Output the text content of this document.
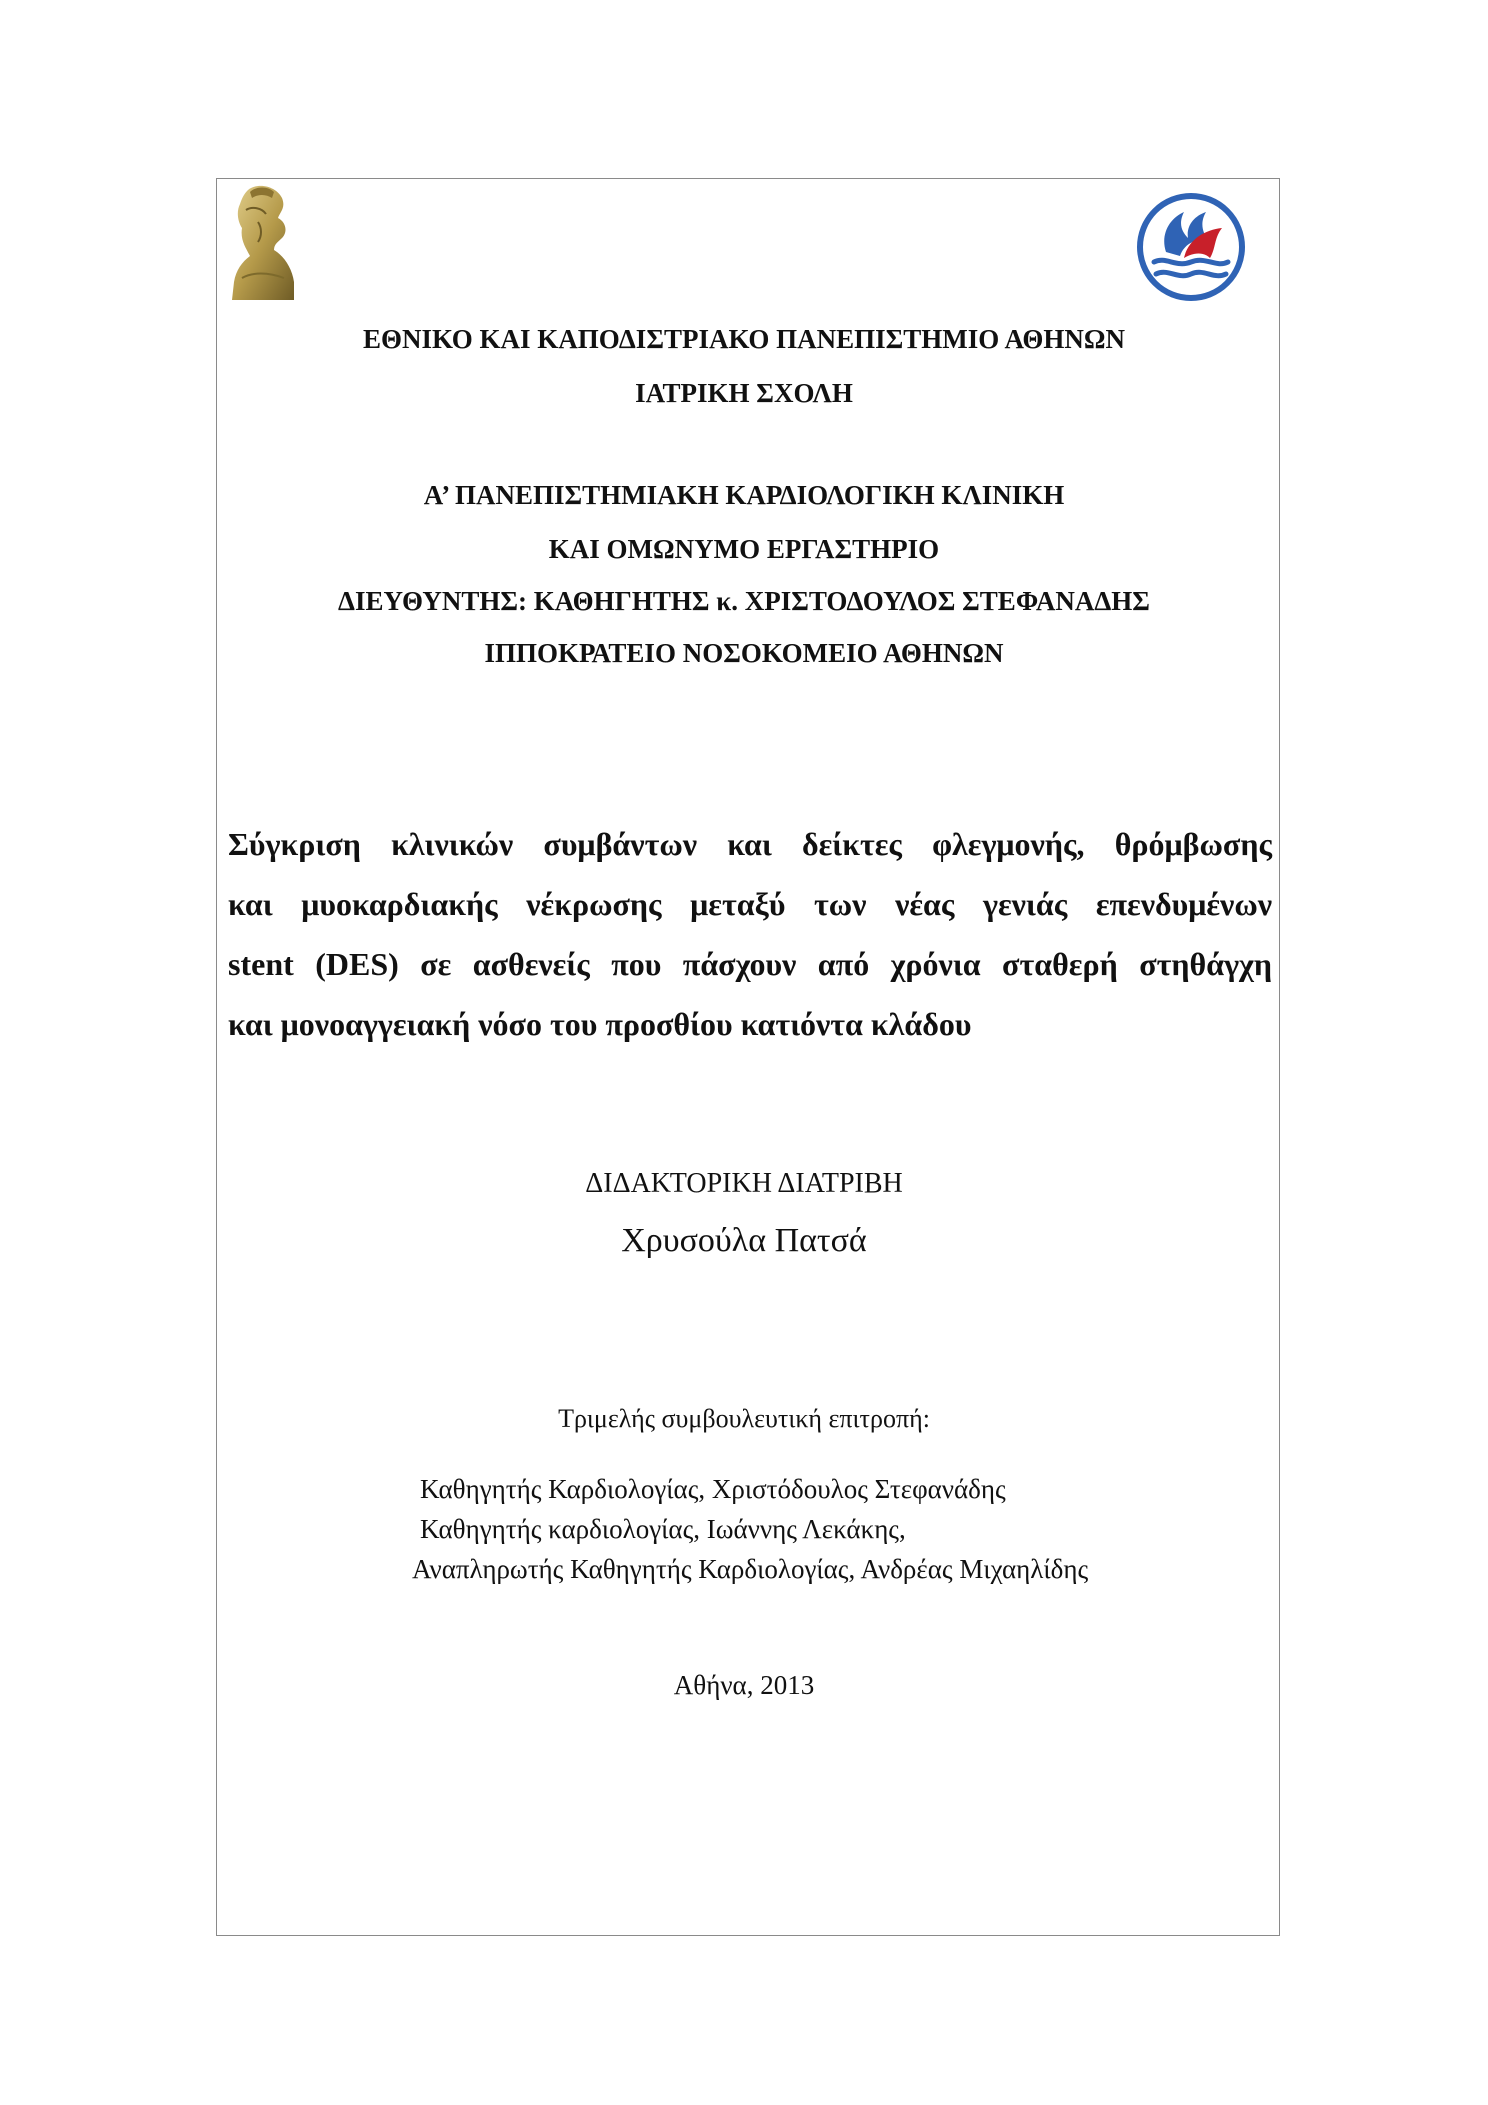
ΕΘΝΙΚΟ ΚΑΙ ΚΑΠΟΔΙΣΤΡΙΑΚΟ ΠΑΝΕΠΙΣΤΗΜΙΟ ΑΘΗΝΩΝ
ΙΑΤΡΙΚΗ ΣΧΟΛΗ
Α’ ΠΑΝΕΠΙΣΤΗΜΙΑΚΗ ΚΑΡΔΙΟΛΟΓΙΚΗ ΚΛΙΝΙΚΗ
ΚΑΙ ΟΜΩΝΥΜΟ ΕΡΓΑΣΤΗΡΙΟ
ΔΙΕΥΘΥΝΤΗΣ: ΚΑΘΗΓΗΤΗΣ κ. ΧΡΙΣΤΟΔΟΥΛΟΣ ΣΤΕΦΑΝΑΔΗΣ
ΙΠΠΟΚΡΑΤΕΙΟ ΝΟΣΟΚΟΜΕΙΟ ΑΘΗΝΩΝ
Σύγκριση κλινικών συμβάντων και δείκτες φλεγμονής, θρόμβωσης
και μυοκαρδιακής νέκρωσης μεταξύ των νέας γενιάς επενδυμένων
stent (DES) σε ασθενείς που πάσχουν από χρόνια σταθερή στηθάγχη
και μονοαγγειακή νόσο του προσθίου κατιόντα κλάδου
ΔΙΔΑΚΤΟΡΙΚΗ ΔΙΑΤΡΙΒΗ
Χρυσούλα Πατσά
Τριμελής συμβουλευτική επιτροπή:
Καθηγητής Καρδιολογίας, Χριστόδουλος Στεφανάδης
Καθηγητής καρδιολογίας, Ιωάννης Λεκάκης,
Αναπληρωτής Καθηγητής Καρδιολογίας, Ανδρέας Μιχαηλίδης
Αθήνα, 2013
